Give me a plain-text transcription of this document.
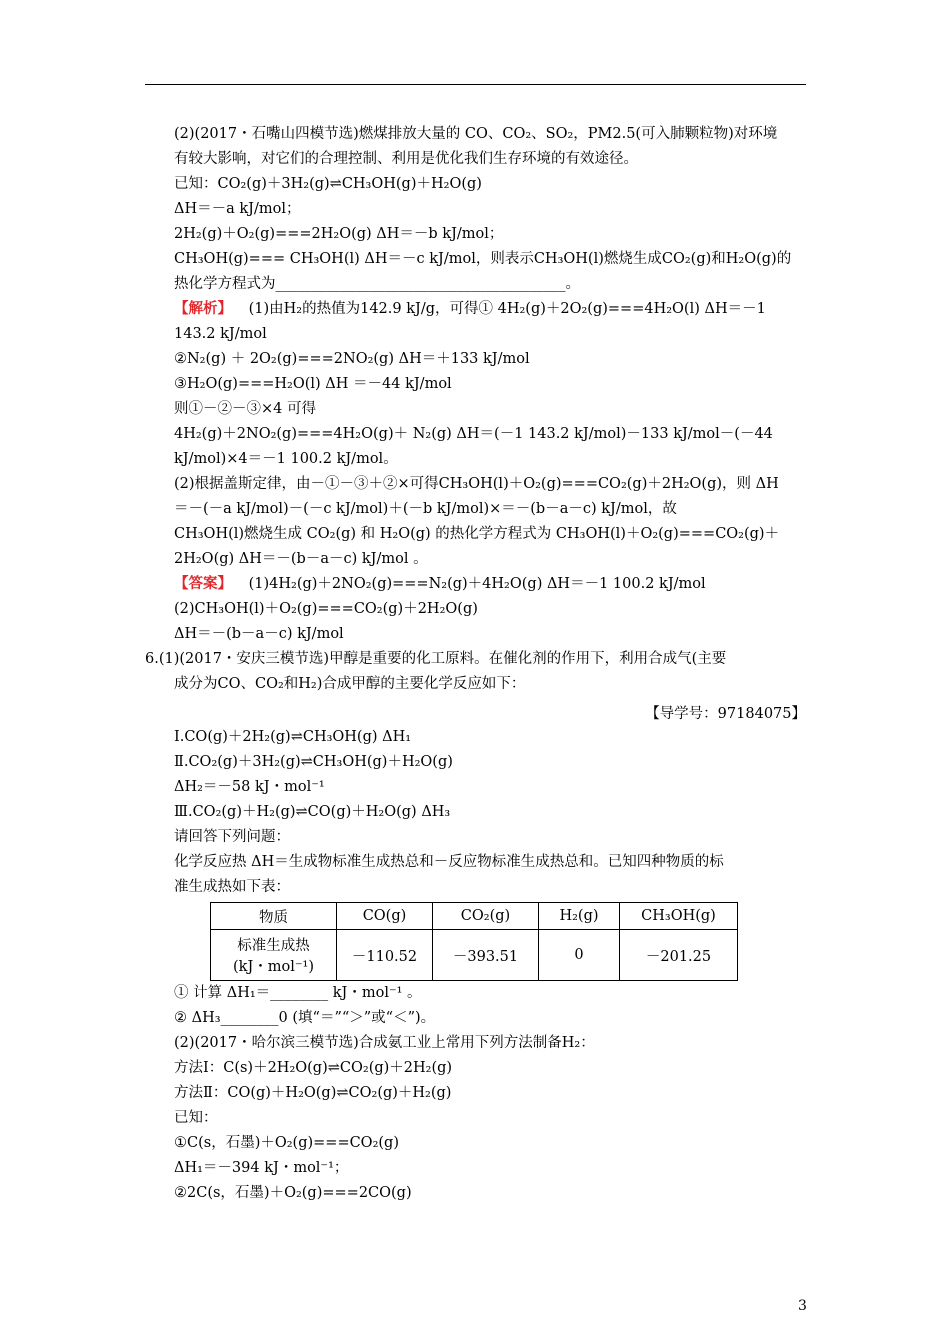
(2)(2017・石嘴山四模节选)燃煤排放大量的 CO、CO₂、SO₂，PM2.5(可入肺颗粒物)对环境
有较大影响，对它们的合理控制、利用是优化我们生存环境的有效途径。
已知：CO₂(g)＋3H₂(g)⇌CH₃OH(g)＋H₂O(g)
ΔH＝－a kJ/mol；
2H₂(g)＋O₂(g)===2H₂O(g) ΔH＝－b kJ/mol；
CH₃OH(g)=== CH₃OH(l) ΔH＝－c kJ/mol，则表示CH₃OH(l)燃烧生成CO₂(g)和H₂O(g)的
热化学方程式为________________________________________。
【解析】 (1)由H₂的热值为142.9 kJ/g，可得① 4H₂(g)＋2O₂(g)===4H₂O(l) ΔH＝－1
143.2 kJ/mol
②N₂(g) ＋ 2O₂(g)===2NO₂(g) ΔH＝＋133 kJ/mol
③H₂O(g)===H₂O(l) ΔH ＝－44 kJ/mol
则①－②－③×4 可得
4H₂(g)＋2NO₂(g)===4H₂O(g)＋ N₂(g) ΔH＝(－1 143.2 kJ/mol)－133 kJ/mol－(－44
kJ/mol)×4＝－1 100.2 kJ/mol。
(2)根据盖斯定律，由－①－③＋②×可得CH₃OH(l)＋O₂(g)===CO₂(g)＋2H₂O(g)，则 ΔH
＝－(－a kJ/mol)－(－c kJ/mol)＋(－b kJ/mol)×＝－(b－a－c) kJ/mol，故
CH₃OH(l)燃烧生成 CO₂(g) 和 H₂O(g) 的热化学方程式为 CH₃OH(l)＋O₂(g)===CO₂(g)＋
2H₂O(g) ΔH＝－(b－a－c) kJ/mol 。
【答案】 (1)4H₂(g)＋2NO₂(g)===N₂(g)＋4H₂O(g) ΔH＝－1 100.2 kJ/mol
(2)CH₃OH(l)＋O₂(g)===CO₂(g)＋2H₂O(g)
ΔH＝－(b－a－c) kJ/mol
6.(1)(2017・安庆三模节选)甲醇是重要的化工原料。在催化剂的作用下，利用合成气(主要
成分为CO、CO₂和H₂)合成甲醇的主要化学反应如下：
【导学号：97184075】
Ⅰ.CO(g)＋2H₂(g)⇌CH₃OH(g) ΔH₁
Ⅱ.CO₂(g)＋3H₂(g)⇌CH₃OH(g)＋H₂O(g)
ΔH₂＝－58 kJ・mol⁻¹
Ⅲ.CO₂(g)＋H₂(g)⇌CO(g)＋H₂O(g) ΔH₃
请回答下列问题：
化学反应热 ΔH＝生成物标准生成热总和－反应物标准生成热总和。已知四种物质的标
准生成热如下表：
物质	CO(g)	CO₂(g)	H₂(g)	CH₃OH(g)

标准生成热
(kJ・mol⁻¹)	－110.52	－393.51	0	－201.25
① 计算 ΔH₁＝________ kJ・mol⁻¹ 。
② ΔH₃________0 (填“＝”“＞”或“＜”)。
(2)(2017・哈尔滨三模节选)合成氨工业上常用下列方法制备H₂：
方法Ⅰ：C(s)＋2H₂O(g)⇌CO₂(g)＋2H₂(g)
方法Ⅱ：CO(g)＋H₂O(g)⇌CO₂(g)＋H₂(g)
已知：
①C(s，石墨)＋O₂(g)===CO₂(g)
ΔH₁＝－394 kJ・mol⁻¹；
②2C(s，石墨)＋O₂(g)===2CO(g)
3
